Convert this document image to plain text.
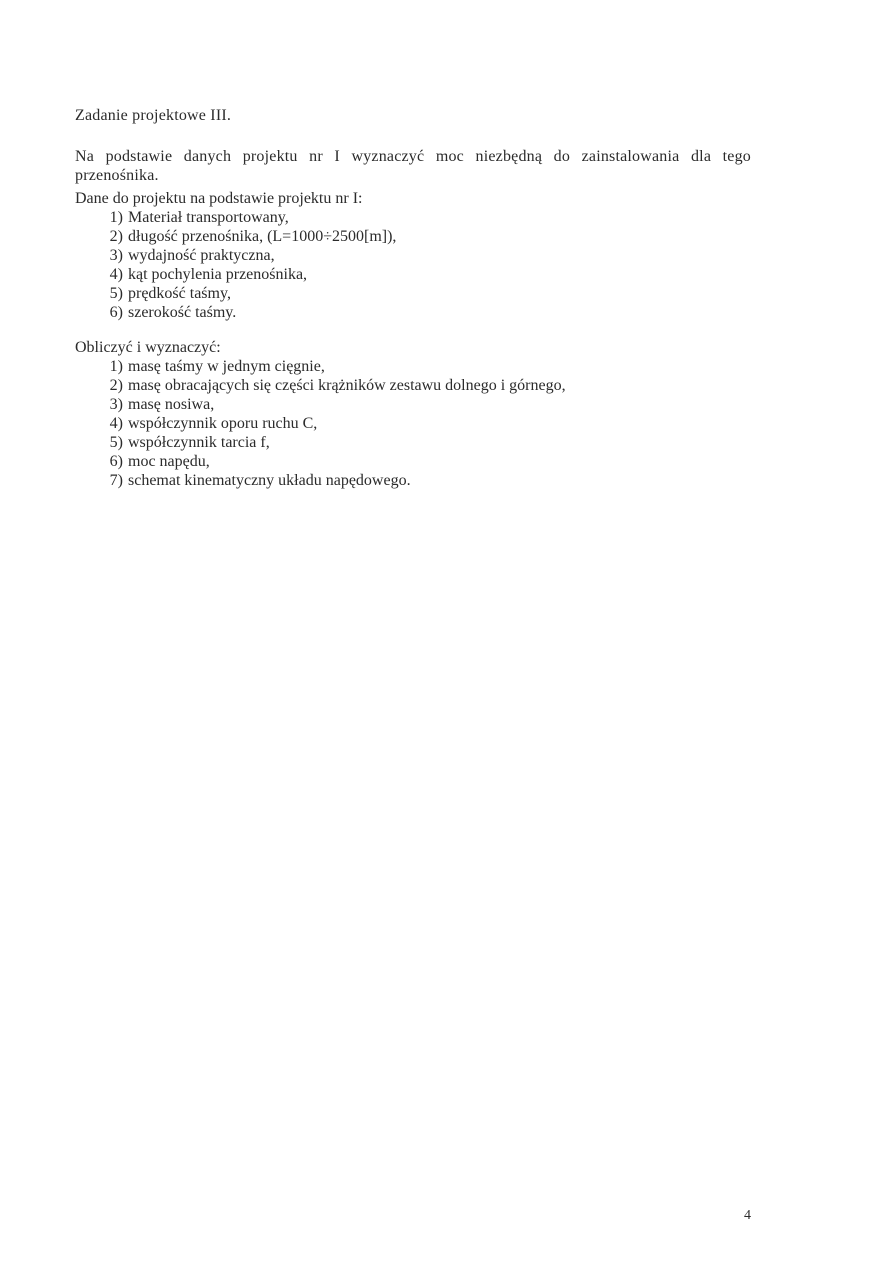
Zadanie projektowe III.

Na podstawie danych projektu nr I wyznaczyć moc niezbędną do zainstalowania dla tego przenośnika.

Dane do projektu na podstawie projektu nr I:

1) Materiał transportowany,
2) długość przenośnika, (L=1000÷2500[m]),
3) wydajność praktyczna,
4) kąt pochylenia przenośnika,
5) prędkość taśmy,
6) szerokość taśmy.

Obliczyć i wyznaczyć:

1) masę taśmy w jednym cięgnie,
2) masę obracających się części krążników zestawu dolnego i górnego,
3) masę nosiwa,
4) współczynnik oporu ruchu C,
5) współczynnik tarcia f,
6) moc napędu,
7) schemat kinematyczny układu napędowego.
4
